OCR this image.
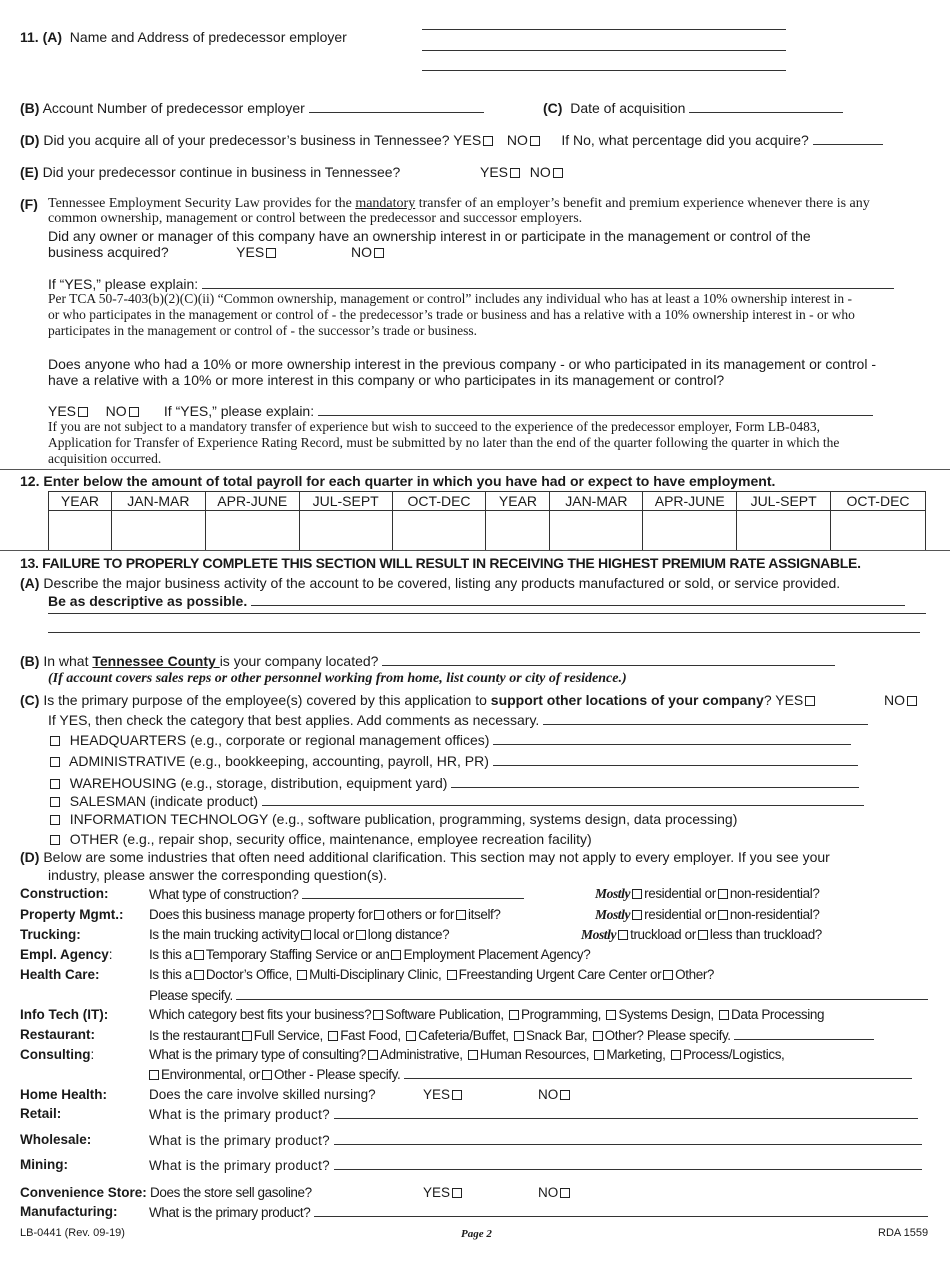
11. (A) Name and Address of predecessor employer
(B) Account Number of predecessor employer	(C) Date of acquisition
(D) Did you acquire all of your predecessor’s business in Tennessee? YES NO If No, what percentage did you acquire?
(E) Did your predecessor continue in business in Tennessee?	YES NO
(F) Tennessee Employment Security Law provides for the mandatory transfer of an employer’s benefit and premium experience whenever there is any
common ownership, management or control between the predecessor and successor employers.
Did any owner or manager of this company have an ownership interest in or participate in the management or control of the
business acquired?	YES	NO
If “YES,” please explain:
Per TCA 50-7-403(b)(2)(C)(ii) “Common ownership, management or control” includes any individual who has at least a 10% ownership interest in -
or who participates in the management or control of - the predecessor’s trade or business and has a relative with a 10% ownership interest in - or who
participates in the management or control of - the successor’s trade or business.
Does anyone who had a 10% or more ownership interest in the previous company - or who participated in its management or control -
have a relative with a 10% or more interest in this company or who participates in its management or control?
YES NO	If “YES,” please explain:
If you are not subject to a mandatory transfer of experience but wish to succeed to the experience of the predecessor employer, Form LB-0483,
Application for Transfer of Experience Rating Record, must be submitted by no later than the end of the quarter following the quarter in which the
acquisition occurred.
12. Enter below the amount of total payroll for each quarter in which you have had or expect to have employment.
YEAR	JAN-MAR	APR-JUNE	JUL-SEPT	OCT-DEC	YEAR	JAN-MAR	APR-JUNE	JUL-SEPT	OCT-DEC

13. FAILURE TO PROPERLY COMPLETE THIS SECTION WILL RESULT IN RECEIVING THE HIGHEST PREMIUM RATE ASSIGNABLE.
(A) Describe the major business activity of the account to be covered, listing any products manufactured or sold, or service provided.
Be as descriptive as possible.
(B) In what Tennessee County is your company located?
(If account covers sales reps or other personnel working from home, list county or city of residence.)
(C) Is the primary purpose of the employee(s) covered by this application to support other locations of your company? YES	NO
If YES, then check the category that best applies. Add comments as necessary.
HEADQUARTERS (e.g., corporate or regional management offices)
ADMINISTRATIVE (e.g., bookkeeping, accounting, payroll, HR, PR)
WAREHOUSING (e.g., storage, distribution, equipment yard)
SALESMAN (indicate product)
INFORMATION TECHNOLOGY (e.g., software publication, programming, systems design, data processing)
OTHER (e.g., repair shop, security office, maintenance, employee recreation facility)
(D) Below are some industries that often need additional clarification. This section may not apply to every employer. If you see your
industry, please answer the corresponding question(s).
Construction:	What type of construction?	Mostly residential or non-residential?
Property Mgmt.: Does this business manage property for others or for itself?	Mostly residential or non-residential?
Trucking:	Is the main trucking activity local or long distance?	Mostly truckload or less than truckload?
Empl. Agency:	Is this a Temporary Staffing Service or an Employment Placement Agency?
Health Care:	Is this a Doctor’s Office, Multi-Disciplinary Clinic, Freestanding Urgent Care Center or Other?
Please specify.
Info Tech (IT):	Which category best fits your business? Software Publication, Programming, Systems Design, Data Processing
Restaurant:	Is the restaurant Full Service, Fast Food, Cafeteria/Buffet, Snack Bar, Other? Please specify.
Consulting:	What is the primary type of consulting? Administrative, Human Resources, Marketing, Process/Logistics,
Environmental, or Other - Please specify.
Home Health:	Does the care involve skilled nursing?	YES	NO
Retail:	What is the primary product?
Wholesale:	What is the primary product?
Mining:	What is the primary product?
Convenience Store: Does the store sell gasoline?	YES	NO
Manufacturing: What is the primary product?
LB-0441 (Rev. 09-19)	Page 2	RDA 1559
